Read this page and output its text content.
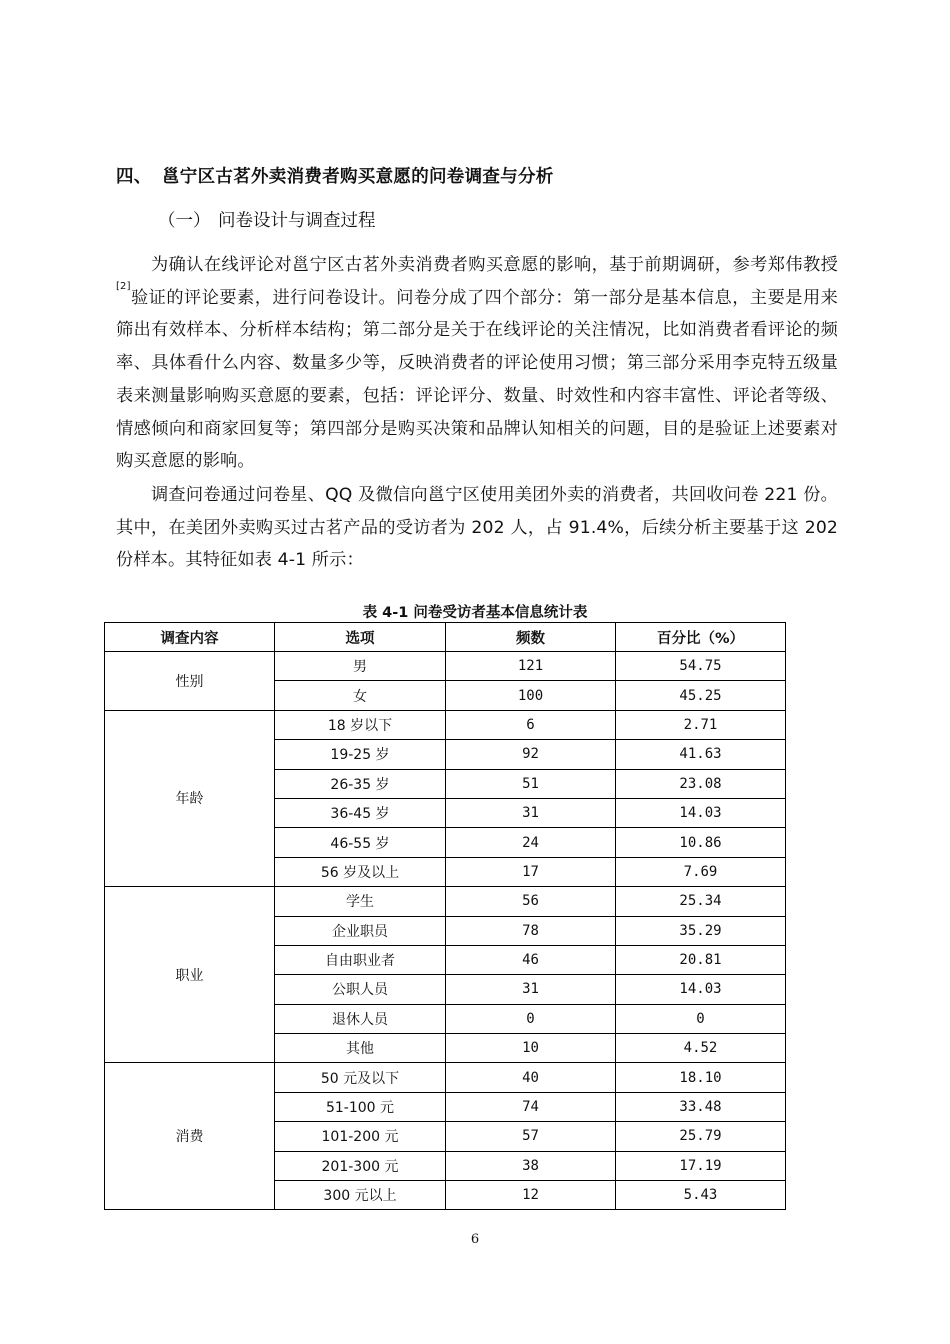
四、 邕宁区古茗外卖消费者购买意愿的问卷调查与分析
（一） 问卷设计与调查过程

为确认在线评论对邕宁区古茗外卖消费者购买意愿的影响，基于前期调研，参考郑伟教授[2]验证的评论要素，进行问卷设计。问卷分成了四个部分：第一部分是基本信息，主要是用来筛出有效样本、分析样本结构；第二部分是关于在线评论的关注情况，比如消费者看评论的频率、具体看什么内容、数量多少等，反映消费者的评论使用习惯；第三部分采用李克特五级量表来测量影响购买意愿的要素，包括：评论评分、数量、时效性和内容丰富性、评论者等级、情感倾向和商家回复等；第四部分是购买决策和品牌认知相关的问题，目的是验证上述要素对购买意愿的影响。

调查问卷通过问卷星、QQ 及微信向邕宁区使用美团外卖的消费者，共回收问卷 221 份。其中，在美团外卖购买过古茗产品的受访者为 202 人，占 91.4%，后续分析主要基于这 202 份样本。其特征如表 4-1 所示：

表 4-1 问卷受访者基本信息统计表
调查内容	选项	频数	百分比（%）
性别	男	121	54.75
	女	100	45.25
年龄	18 岁以下	6	2.71
	19-25 岁	92	41.63
	26-35 岁	51	23.08
	36-45 岁	31	14.03
	46-55 岁	24	10.86
	56 岁及以上	17	7.69
职业	学生	56	25.34
	企业职员	78	35.29
	自由职业者	46	20.81
	公职人员	31	14.03
	退休人员	0	0
	其他	10	4.52
消费	50 元及以下	40	18.10
	51-100 元	74	33.48
	101-200 元	57	25.79
	201-300 元	38	17.19
	300 元以上	12	5.43
6
